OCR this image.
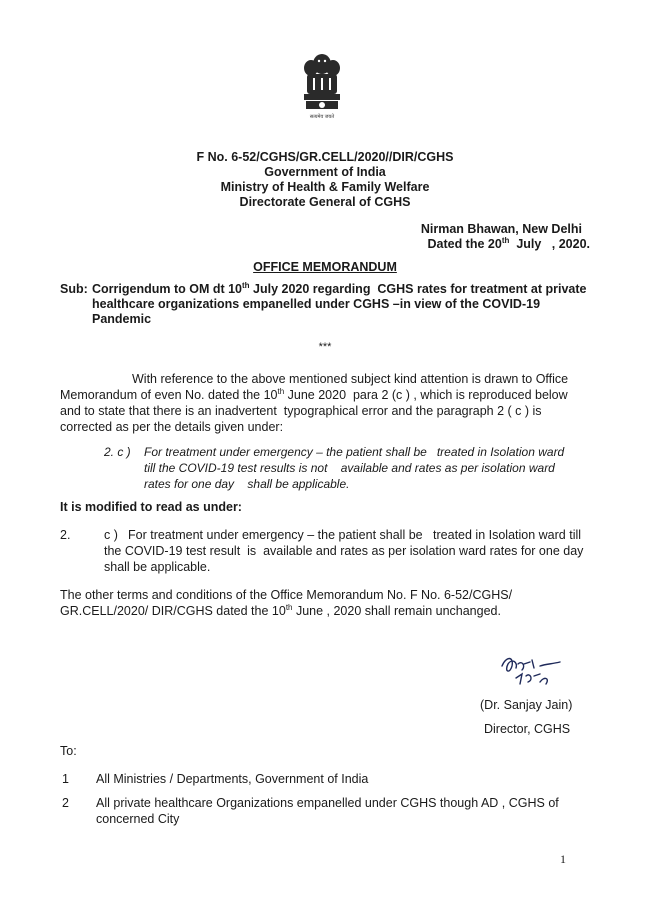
सत्यमेव जयते
F No. 6-52/CGHS/GR.CELL/2020//DIR/CGHS
Government of India
Ministry of Health & Family Welfare
Directorate General of CGHS
Nirman Bhawan, New Delhi
Dated the 20th  July   , 2020.
OFFICE MEMORANDUM
Sub: Corrigendum to OM dt 10th July 2020 regarding  CGHS rates for treatment at private
healthcare organizations empanelled under CGHS –in view of the COVID-19
Pandemic
***
With reference to the above mentioned subject kind attention is drawn to Office
Memorandum of even No. dated the 10th June 2020  para 2 (c ) , which is reproduced below
and to state that there is an inadvertent  typographical error and the paragraph 2 ( c ) is
corrected as per the details given under:
2. c ) For treatment under emergency – the patient shall be   treated in Isolation ward
till the COVID-19 test results is not    available and rates as per isolation ward
rates for one day    shall be applicable.
It is modified to read as under:
2.	c ) For treatment under emergency – the patient shall be   treated in Isolation ward till
the COVID-19 test result  is  available and rates as per isolation ward rates for one day
shall be applicable.
The other terms and conditions of the Office Memorandum No. F No. 6-52/CGHS/
GR.CELL/2020/ DIR/CGHS dated the 10th June , 2020 shall remain unchanged.
(Dr. Sanjay Jain)
Director, CGHS
To:
1 All Ministries / Departments, Government of India
2 All private healthcare Organizations empanelled under CGHS though AD , CGHS of
concerned City
1
